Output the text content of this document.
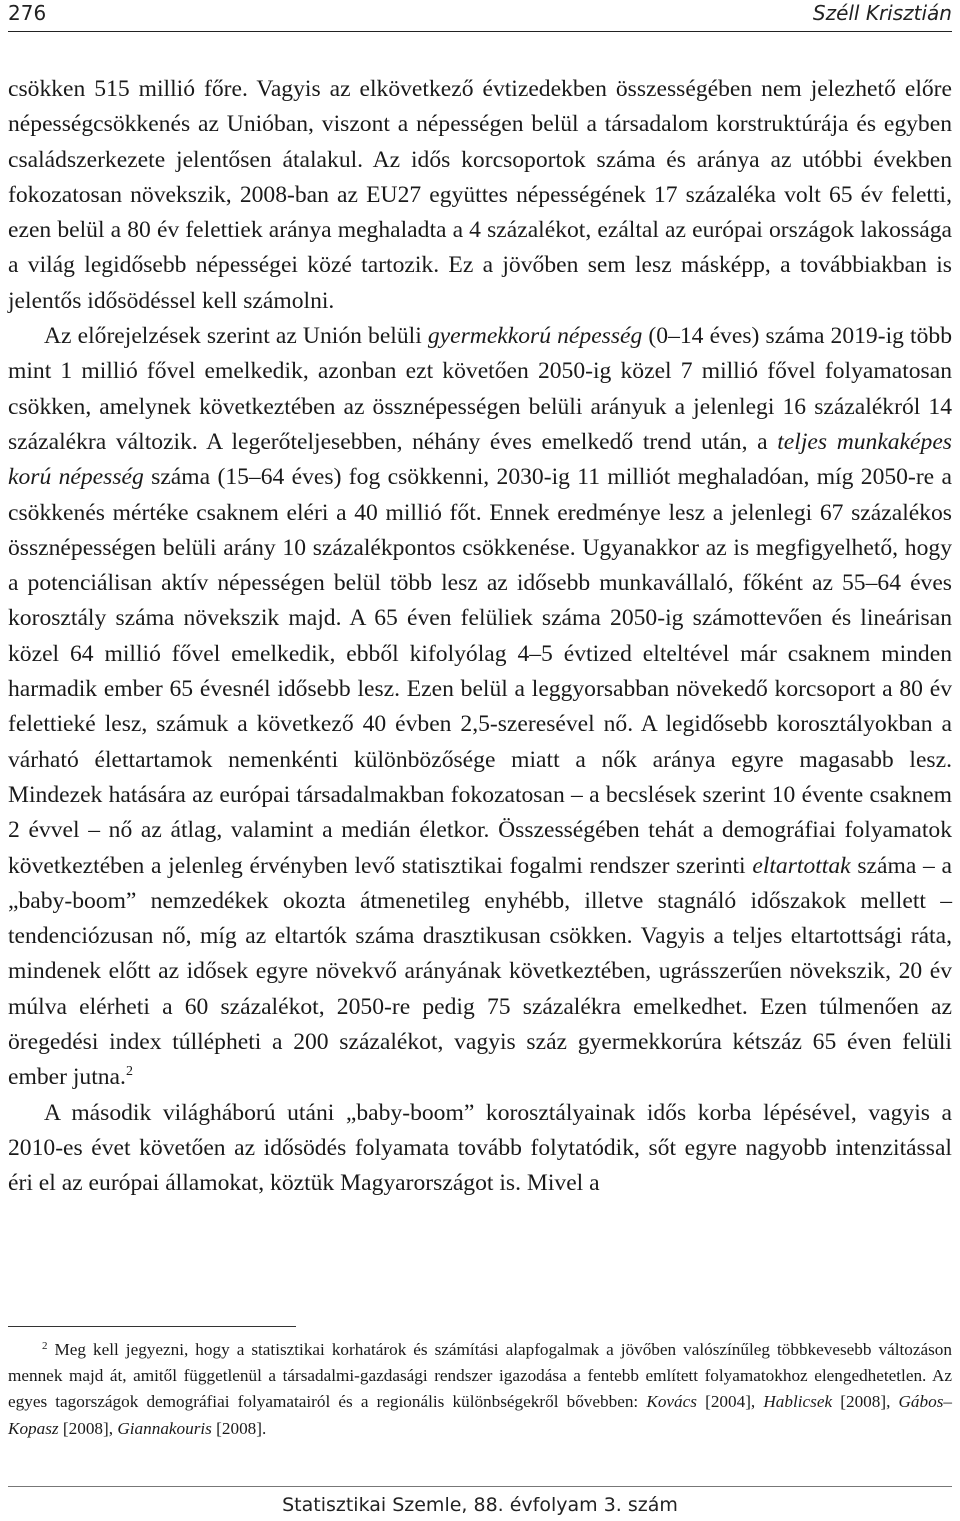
276	Széll Krisztián

csökken 515 millió főre. Vagyis az elkövetkező évtizedekben összességében nem jelezhető előre népességcsökkenés az Unióban, viszont a népességen belül a társadalom korstruktúrája és egyben családszerkezete jelentősen átalakul. Az idős korcsoportok száma és aránya az utóbbi években fokozatosan növekszik, 2008-ban az EU27 együttes népességének 17 százaléka volt 65 év feletti, ezen belül a 80 év felettiek aránya meghaladta a 4 százalékot, ezáltal az európai országok lakossága a világ legidősebb népességei közé tartozik. Ez a jövőben sem lesz másképp, a továbbiakban is jelentős idősödéssel kell számolni.

Az előrejelzések szerint az Unión belüli gyermekkorú népesség (0–14 éves) száma 2019-ig több mint 1 millió fővel emelkedik, azonban ezt követően 2050-ig közel 7 millió fővel folyamatosan csökken, amelynek következtében az össznépességen belüli arányuk a jelenlegi 16 százalékról 14 százalékra változik. A legerőteljesebben, néhány éves emelkedő trend után, a teljes munkaképes korú népesség száma (15–64 éves) fog csökkenni, 2030-ig 11 milliót meghaladóan, míg 2050-re a csökkenés mértéke csaknem eléri a 40 millió főt. Ennek eredménye lesz a jelenlegi 67 százalékos össznépességen belüli arány 10 százalékpontos csökkenése. Ugyanakkor az is megfigyelhető, hogy a potenciálisan aktív népességen belül több lesz az idősebb munkavállaló, főként az 55–64 éves korosztály száma növekszik majd. A 65 éven felüliek száma 2050-ig számottevően és lineárisan közel 64 millió fővel emelkedik, ebből kifolyólag 4–5 évtized elteltével már csaknem minden harmadik ember 65 évesnél idősebb lesz. Ezen belül a leggyorsabban növekedő korcsoport a 80 év felettieké lesz, számuk a következő 40 évben 2,5-szeresével nő. A legidősebb korosztályokban a várható élettartamok nemenkénti különbözősége miatt a nők aránya egyre magasabb lesz. Mindezek hatására az európai társadalmakban fokozatosan – a becslések szerint 10 évente csaknem 2 évvel – nő az átlag, valamint a medián életkor. Összességében tehát a demográfiai folyamatok következtében a jelenleg érvényben levő statisztikai fogalmi rendszer szerinti eltartottak száma – a „baby-boom” nemzedékek okozta átmenetileg enyhébb, illetve stagnáló időszakok mellett – tendenciózusan nő, míg az eltartók száma drasztikusan csökken. Vagyis a teljes eltartottsági ráta, mindenek előtt az idősek egyre növekvő arányának következtében, ugrásszerűen növekszik, 20 év múlva elérheti a 60 százalékot, 2050-re pedig 75 százalékra emelkedhet. Ezen túlmenően az öregedési index túllépheti a 200 százalékot, vagyis száz gyermekkorúra kétszáz 65 éven felüli ember jutna.$^2$

A második világháború utáni „baby-boom” korosztályainak idős korba lépésével, vagyis a 2010-es évet követően az idősödés folyamata tovább folytatódik, sőt egyre nagyobb intenzitással éri el az európai államokat, köztük Magyarországot is. Mivel a

$^2$ Meg kell jegyezni, hogy a statisztikai korhatárok és számítási alapfogalmak a jövőben valószínűleg többkevesebb változáson mennek majd át, amitől függetlenül a társadalmi-gazdasági rendszer igazodása a fentebb említett folyamatokhoz elengedhetetlen. Az egyes tagországok demográfiai folyamatairól és a regionális különbségekről bővebben: Kovács [2004], Hablicsek [2008], Gábos–Kopasz [2008], Giannakouris [2008].

Statisztikai Szemle, 88. évfolyam 3. szám
